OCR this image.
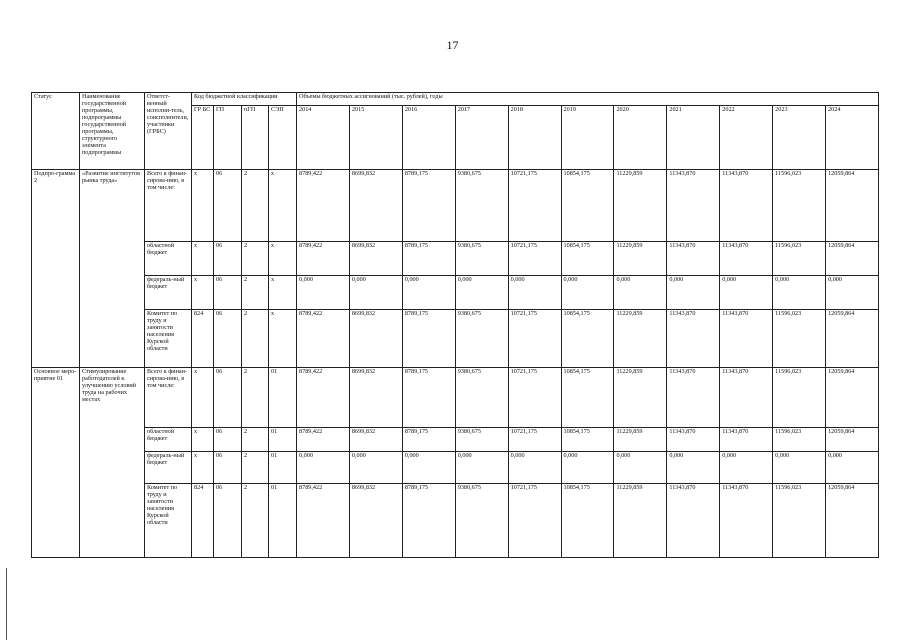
17
Статус	Наименование государственной программы, подпрограммы государственной программы, структурного элемента подпрограммы	Ответст-венный исполни-тель, соисполнители, участники (ГРБС)	Код бюджетной классификации				Объемы бюджетных ассигнований (тыс. рублей), годы										
			ГР БС	ГП	пГП	СЭП	2014	2015	2016	2017	2018	2019	2020	2021	2022	2023	2024
Подпро-грамма 2	«Развитие институтов рынка труда»	Всего к финан-сирова-нию, в том числе:	х	06	2	х	8789,422	8699,832	8789,175	9380,675	10721,175	10854,175	11229,859	11343,870	11343,870	11596,023	12059,864
		областной бюджет	х	06	2	х	8789,422	8699,832	8789,175	9380,675	10721,175	10854,175	11229,859	11343,870	11343,870	11596,023	12059,864
		федераль-ный бюджет	х	06	2	х	0,000	0,000	0,000	0,000	0,000	0,000	0,000	0,000	0,000	0,000	0,000
		Комитет по труду и занятости населения Курской области	824	06	2	х	8789,422	8699,832	8789,175	9380,675	10721,175	10854,175	11229,859	11343,870	11343,870	11596,023	12059,864
Основное меро-приятие 01	Стимулирование работодателей к улучшению условий труда на рабочих местах	Всего к финан-сирова-нию, в том числе:	х	06	2	01	8789,422	8699,832	8789,175	9380,675	10721,175	10854,175	11229,859	11343,870	11343,870	11596,023	12059,864
		областной бюджет	х	06	2	01	8789,422	8699,832	8789,175	9380,675	10721,175	10854,175	11229,859	11343,870	11343,870	11596,023	12059,864
		федераль-ный бюджет	х	06	2	01	0,000	0,000	0,000	0,000	0,000	0,000	0,000	0,000	0,000	0,000	0,000
		Комитет по труду и занятости населения Курской области	824	06	2	01	8789,422	8699,832	8789,175	9380,675	10721,175	10854,175	11229,859	11343,870	11343,870	11596,023	12059,864
